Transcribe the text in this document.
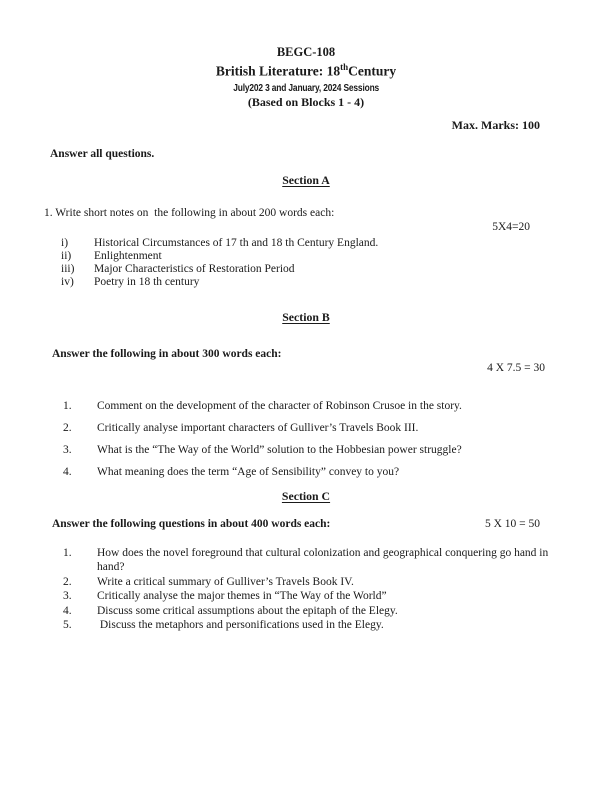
BEGC-108
British Literature: 18thCentury
July202 3 and January, 2024 Sessions
(Based on Blocks 1 - 4)
Max. Marks: 100
Answer all questions.
Section A
1. Write short notes on  the following in about 200 words each:
5X4=20
i)	Historical Circumstances of 17 th and 18 th Century England.
ii)	Enlightenment
iii)	Major Characteristics of Restoration Period
iv)	Poetry in 18 th century
Section B
Answer the following in about 300 words each:
4 X 7.5 = 30
1.	Comment on the development of the character of Robinson Crusoe in the story.
2.	Critically analyse important characters of Gulliver’s Travels Book III.
3.	What is the “The Way of the World” solution to the Hobbesian power struggle?
4.	What meaning does the term “Age of Sensibility” convey to you?
Section C
Answer the following questions in about 400 words each:	5 X 10 = 50
1.	How does the novel foreground that cultural colonization and geographical conquering go hand in hand?
2.	Write a critical summary of Gulliver’s Travels Book IV.
3.	Critically analyse the major themes in “The Way of the World”
4.	Discuss some critical assumptions about the epitaph of the Elegy.
5.	Discuss the metaphors and personifications used in the Elegy.
